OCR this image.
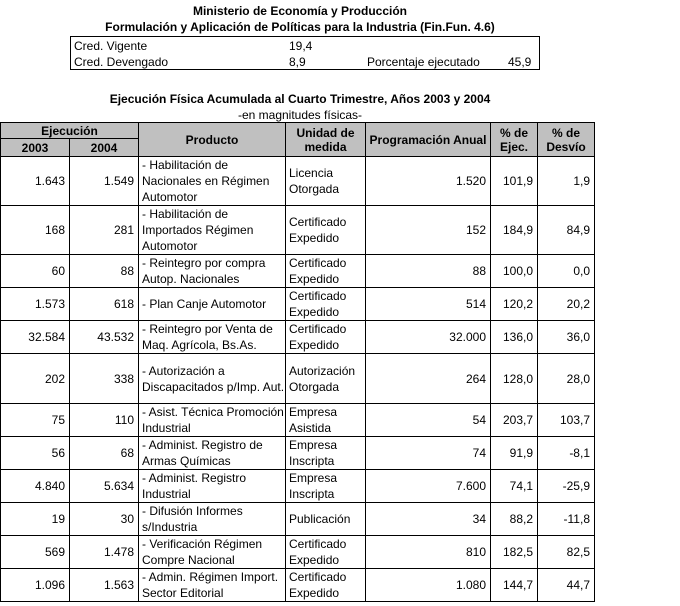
Ministerio de Economía y Producción
Formulación y Aplicación de Políticas para la Industria (Fin.Fun. 4.6)
Cred. Vigente	19,4
Cred. Devengado	8,9	Porcentaje ejecutado 45,9
Ejecución Física Acumulada al Cuarto Trimestre, Años 2003 y 2004
-en magnitudes físicas-
Ejecución		Producto	Unidad de medida	Programación Anual	% de Ejec.	% de Desvío
2003	2004					
1.643	1.549	- Habilitación de Nacionales en Régimen Automotor	Licencia Otorgada	1.520	101,9	1,9
168	281	- Habilitación de Importados Régimen Automotor	Certificado Expedido	152	184,9	84,9
60	88	- Reintegro por compra Autop. Nacionales	Certificado Expedido	88	100,0	0,0
1.573	618	- Plan Canje Automotor	Certificado Expedido	514	120,2	20,2
32.584	43.532	- Reintegro por Venta de Maq. Agrícola, Bs.As.	Certificado Expedido	32.000	136,0	36,0
202	338	- Autorización a Discapacitados p/Imp. Aut.	Autorización Otorgada	264	128,0	28,0
75	110	- Asist. Técnica Promoción Industrial	Empresa Asistida	54	203,7	103,7
56	68	- Administ. Registro de Armas Químicas	Empresa Inscripta	74	91,9	-8,1
4.840	5.634	- Administ. Registro Industrial	Empresa Inscripta	7.600	74,1	-25,9
19	30	- Difusión Informes s/Industria	Publicación	34	88,2	-11,8
569	1.478	- Verificación Régimen Compre Nacional	Certificado Expedido	810	182,5	82,5
1.096	1.563	- Admin. Régimen Import. Sector Editorial	Certificado Expedido	1.080	144,7	44,7
